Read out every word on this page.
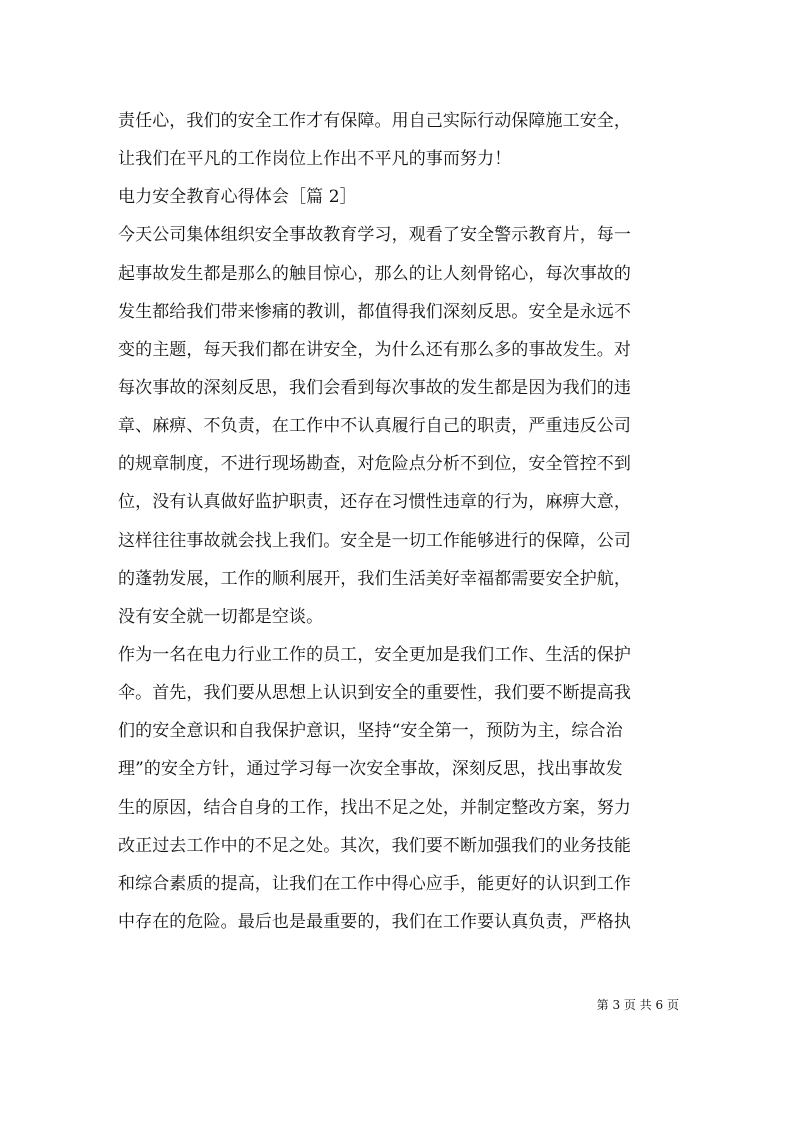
责任心，我们的安全工作才有保障。用自己实际行动保障施工安全，
让我们在平凡的工作岗位上作出不平凡的事而努力！
电力安全教育心得体会［篇 2］
今天公司集体组织安全事故教育学习，观看了安全警示教育片，每一
起事故发生都是那么的触目惊心，那么的让人刻骨铭心，每次事故的
发生都给我们带来惨痛的教训，都值得我们深刻反思。安全是永远不
变的主题，每天我们都在讲安全，为什么还有那么多的事故发生。对
每次事故的深刻反思，我们会看到每次事故的发生都是因为我们的违
章、麻痹、不负责，在工作中不认真履行自己的职责，严重违反公司
的规章制度，不进行现场勘查，对危险点分析不到位，安全管控不到
位，没有认真做好监护职责，还存在习惯性违章的行为，麻痹大意，
这样往往事故就会找上我们。安全是一切工作能够进行的保障，公司
的蓬勃发展，工作的顺利展开，我们生活美好幸福都需要安全护航，
没有安全就一切都是空谈。
作为一名在电力行业工作的员工，安全更加是我们工作、生活的保护
伞。首先，我们要从思想上认识到安全的重要性，我们要不断提高我
们的安全意识和自我保护意识，坚持“安全第一，预防为主，综合治
理”的安全方针，通过学习每一次安全事故，深刻反思，找出事故发
生的原因，结合自身的工作，找出不足之处，并制定整改方案，努力
改正过去工作中的不足之处。其次，我们要不断加强我们的业务技能
和综合素质的提高，让我们在工作中得心应手，能更好的认识到工作
中存在的危险。最后也是最重要的，我们在工作要认真负责，严格执
第 3 页 共 6 页
